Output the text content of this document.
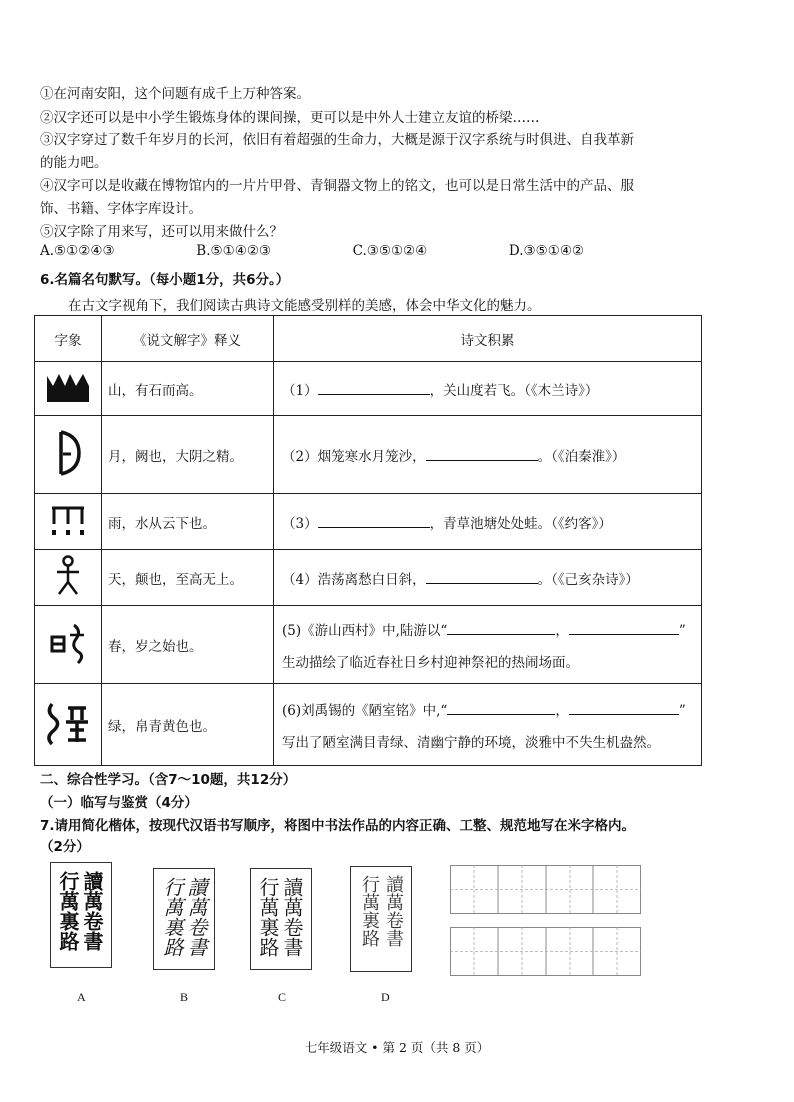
①在河南安阳，这个问题有成千上万种答案。
②汉字还可以是中小学生锻炼身体的课间操，更可以是中外人士建立友谊的桥梁……
③汉字穿过了数千年岁月的长河，依旧有着超强的生命力，大概是源于汉字系统与时俱进、自我革新
的能力吧。
④汉字可以是收藏在博物馆内的一片片甲骨、青铜器文物上的铭文，也可以是日常生活中的产品、服
饰、书籍、字体字库设计。
⑤汉字除了用来写，还可以用来做什么？
A.⑤①②④③	B.⑤①④②③	C.③⑤①②④	D.③⑤①④②
6.名篇名句默写。（每小题1分，共6分。）
在古文字视角下，我们阅读古典诗文能感受别样的美感，体会中华文化的魅力。
字象	《说文解字》释义	诗文积累
	山，有石而高。	（1） ，关山度若飞。（《木兰诗》）
	月，阙也，大阴之精。	（2）烟笼寒水月笼沙， 。（《泊秦淮》）
	雨，水从云下也。	（3） ，青草池塘处处蛙。（《约客》）
	天，颠也，至高无上。	（4）浩荡离愁白日斜， 。（《己亥杂诗》）
	春，岁之始也。	(5)《游山西村》中,陆游以“ ， ”
生动描绘了临近春社日乡村迎神祭祀的热闹场面。

	绿，帛青黄色也。	(6)刘禹锡的《陋室铭》中,“ ， ”
写出了陋室满目青绿、清幽宁静的环境，淡雅中不失生机盎然。
二、综合性学习。（含7～10题，共12分）
（一）临写与鉴赏（4分）
7.请用简化楷体，按现代汉语书写顺序，将图中书法作品的内容正确、工整、规范地写在米字格内。
（2分）
讀萬卷書
行萬裏路	讀萬卷書
行萬裏路	讀萬卷書
行萬裏路	讀萬卷書
行萬裏路
A	B	C	D
七年级语文 • 第 2 页（共 8 页）
